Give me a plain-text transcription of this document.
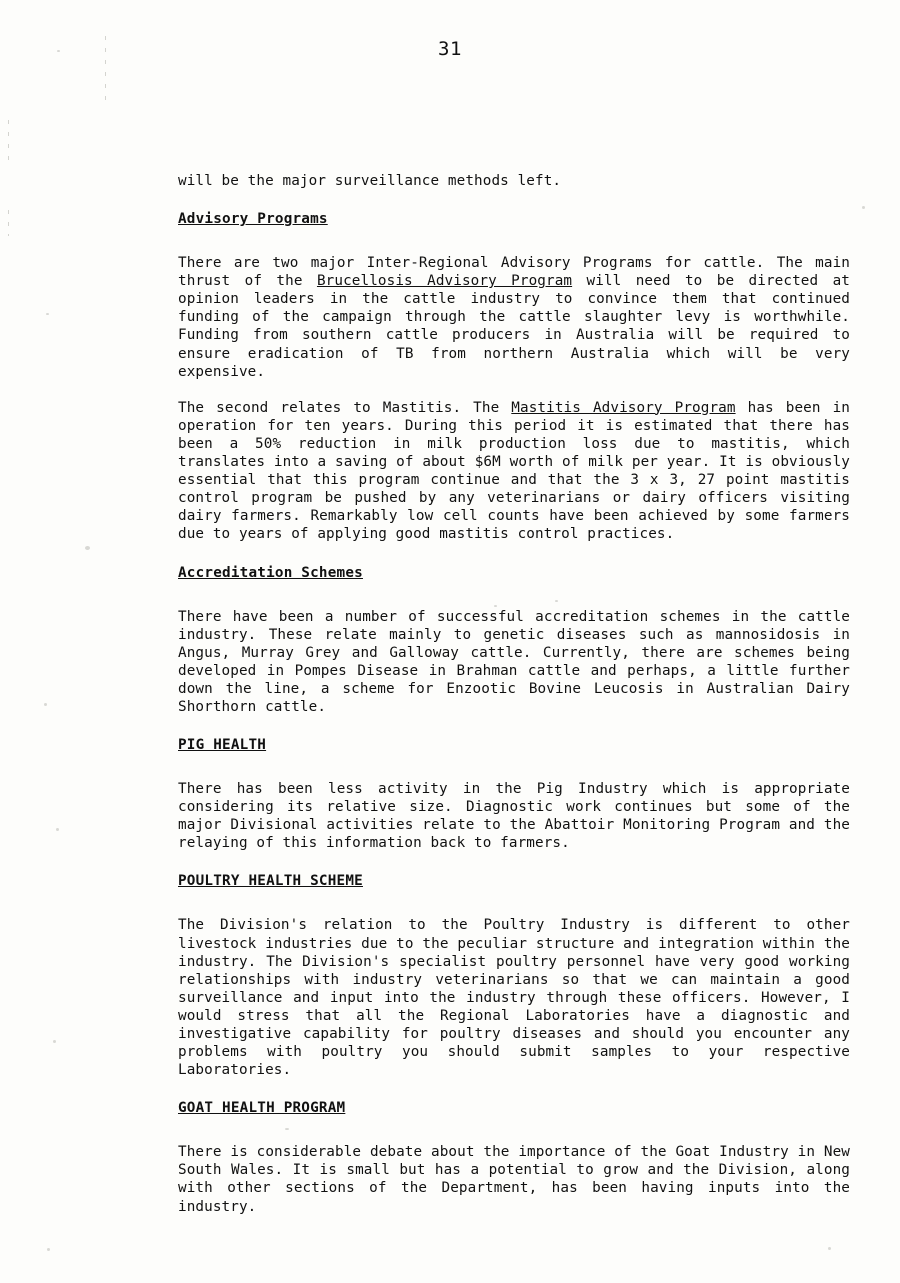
31

will be the major surveillance methods left.

Advisory Programs

There are two major Inter-Regional Advisory Programs for cattle. The main thrust of the Brucellosis Advisory Program will need to be directed at opinion leaders in the cattle industry to convince them that continued funding of the campaign through the cattle slaughter levy is worthwhile. Funding from southern cattle producers in Australia will be required to ensure eradication of TB from northern Australia which will be very expensive.

The second relates to Mastitis. The Mastitis Advisory Program has been in operation for ten years. During this period it is estimated that there has been a 50% reduction in milk production loss due to mastitis, which translates into a saving of about $6M worth of milk per year. It is obviously essential that this program continue and that the 3 x 3, 27 point mastitis control program be pushed by any veterinarians or dairy officers visiting dairy farmers. Remarkably low cell counts have been achieved by some farmers due to years of applying good mastitis control practices.

Accreditation Schemes

There have been a number of successful accreditation schemes in the cattle industry. These relate mainly to genetic diseases such as mannosidosis in Angus, Murray Grey and Galloway cattle. Currently, there are schemes being developed in Pompes Disease in Brahman cattle and perhaps, a little further down the line, a scheme for Enzootic Bovine Leucosis in Australian Dairy Shorthorn cattle.

PIG HEALTH

There has been less activity in the Pig Industry which is appropriate considering its relative size. Diagnostic work continues but some of the major Divisional activities relate to the Abattoir Monitoring Program and the relaying of this information back to farmers.

POULTRY HEALTH SCHEME

The Division's relation to the Poultry Industry is different to other livestock industries due to the peculiar structure and integration within the industry. The Division's specialist poultry personnel have very good working relationships with industry veterinarians so that we can maintain a good surveillance and input into the industry through these officers. However, I would stress that all the Regional Laboratories have a diagnostic and investigative capability for poultry diseases and should you encounter any problems with poultry you should submit samples to your respective Laboratories.

GOAT HEALTH PROGRAM

There is considerable debate about the importance of the Goat Industry in New South Wales. It is small but has a potential to grow and the Division, along with other sections of the Department, has been having inputs into the industry.
